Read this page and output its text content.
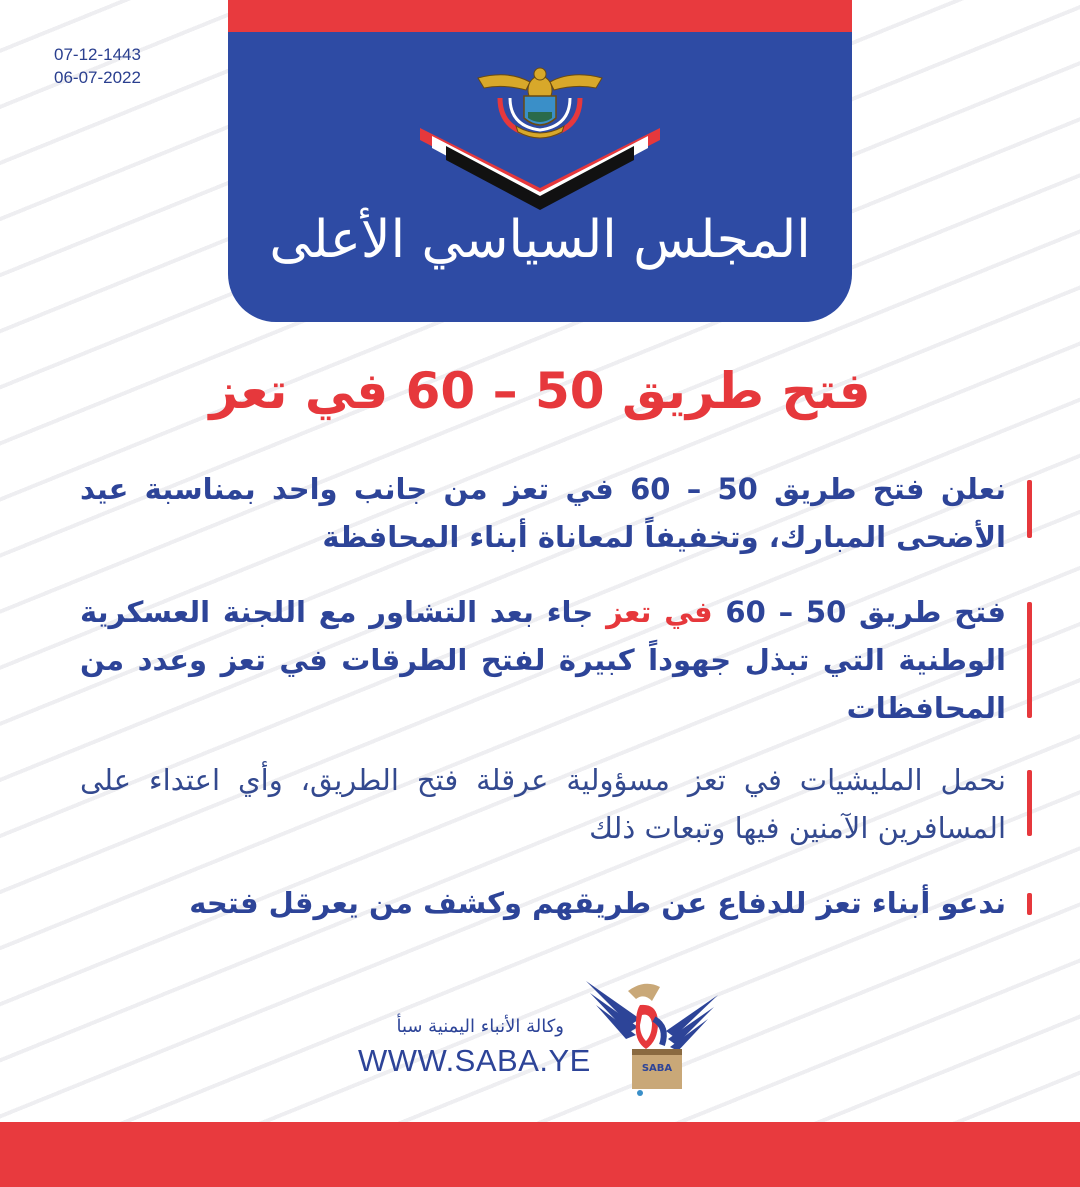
07-12-1443
06-07-2022
المجلس السياسي الأعلى
فتح طريق 50 – 60 في تعز
نعلن فتح طريق 50 – 60 في تعز من جانب واحد بمناسبة عيد الأضحى المبارك، وتخفيفاً لمعاناة أبناء المحافظة
فتح طريق 50 – 60 في تعز جاء بعد التشاور مع اللجنة العسكرية الوطنية التي تبذل جهوداً كبيرة لفتح الطرقات في تعز وعدد من المحافظات
نحمل المليشيات في تعز مسؤولية عرقلة فتح الطريق، وأي اعتداء على المسافرين الآمنين فيها وتبعات ذلك
ندعو أبناء تعز للدفاع عن طريقهم وكشف من يعرقل فتحه
وكالة الأنباء اليمنية سبأ
WWW.SABA.YE	SABA
